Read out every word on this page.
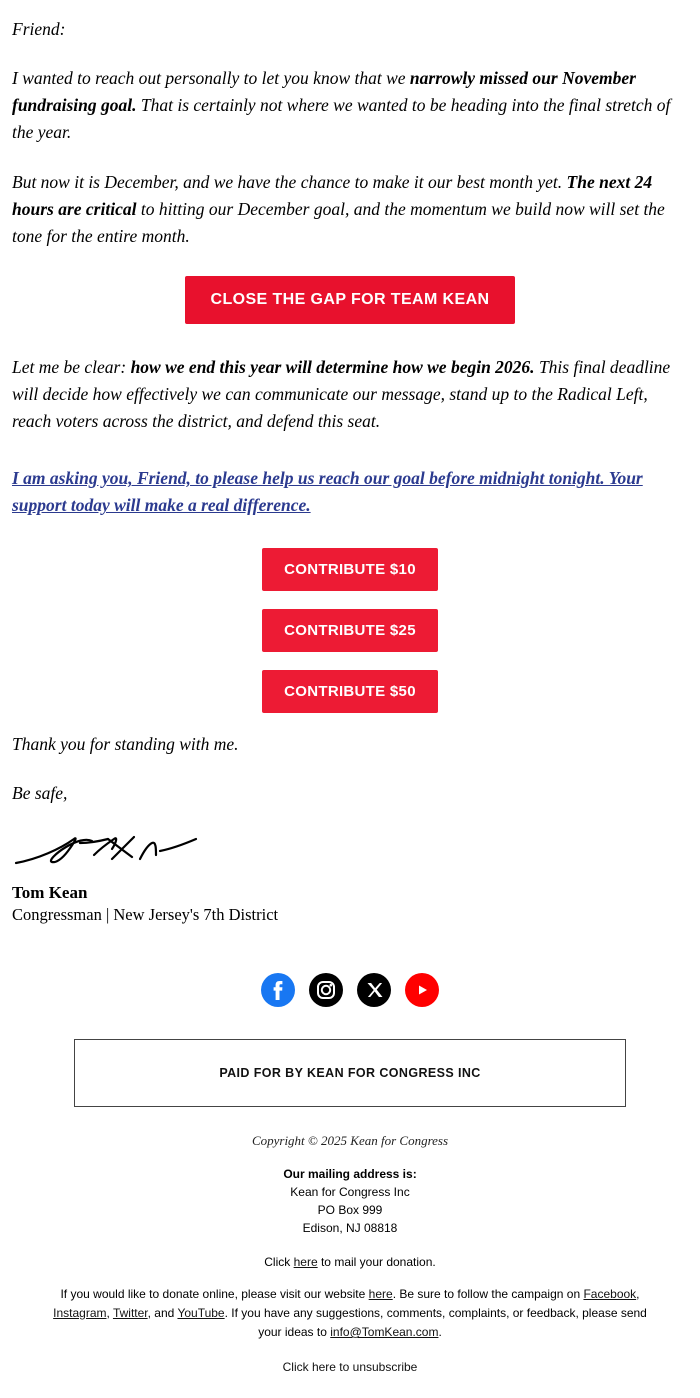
Friend:

I wanted to reach out personally to let you know that we narrowly missed our November fundraising goal. That is certainly not where we wanted to be heading into the final stretch of the year.

But now it is December, and we have the chance to make it our best month yet. The next 24 hours are critical to hitting our December goal, and the momentum we build now will set the tone for the entire month.

CLOSE THE GAP FOR TEAM KEAN

Let me be clear: how we end this year will determine how we begin 2026. This final deadline will decide how effectively we can communicate our message, stand up to the Radical Left, reach voters across the district, and defend this seat.

I am asking you, Friend, to please help us reach our goal before midnight tonight. Your support today will make a real difference.
CONTRIBUTE $10
CONTRIBUTE $25
CONTRIBUTE $50

Thank you for standing with me.

Be safe,

Tom Kean

Congressman | New Jersey's 7th District

PAID FOR BY KEAN FOR CONGRESS INC

Copyright © 2025 Kean for Congress

Our mailing address is:

Kean for Congress Inc

PO Box 999

Edison, NJ 08818

Click here to mail your donation.

If you would like to donate online, please visit our website here. Be sure to follow the campaign on Facebook, Instagram, Twitter, and YouTube. If you have any suggestions, comments, complaints, or feedback, please send your ideas to info@TomKean.com.

Click here to unsubscribe
